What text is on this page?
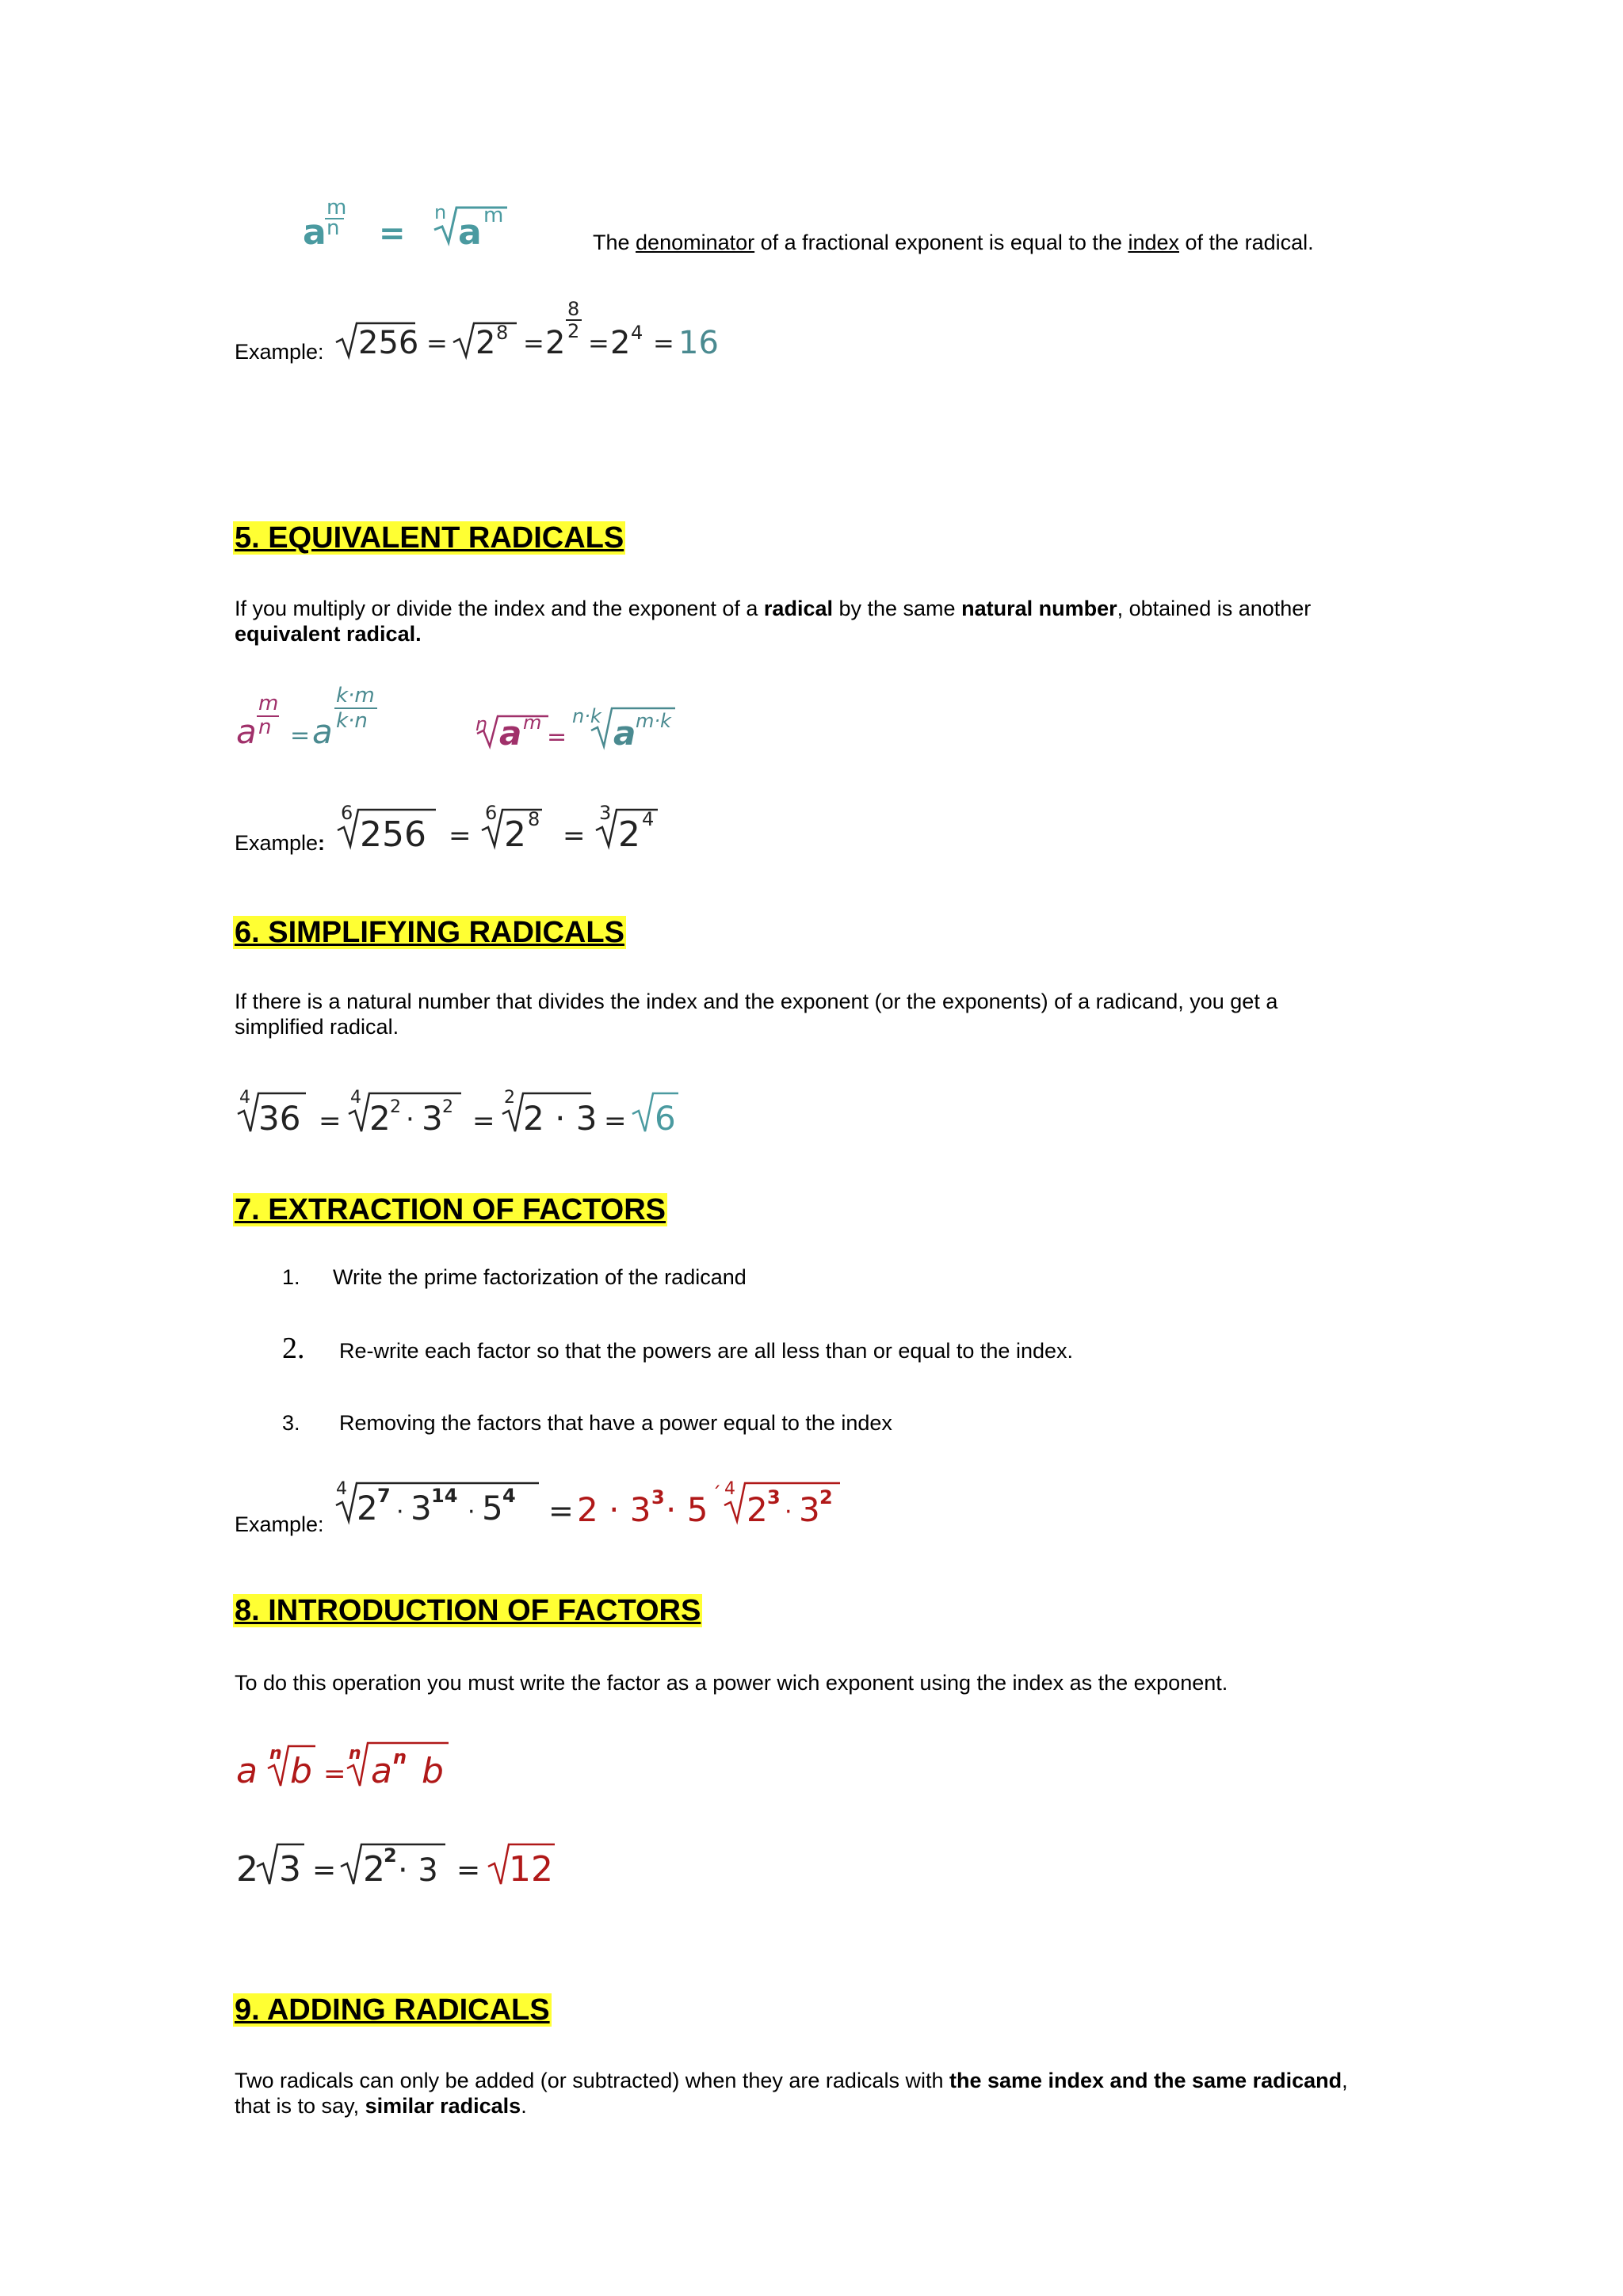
a
m
n =
n a m
The denominator of a fractional exponent is equal to the index of the radical.
Example: 256 = 2 8 = 2
8
2 = 2 4 = 16
5. EQUIVALENT RADICALS
If you multiply or divide the index and the exponent of a radical by the same natural number, obtained is another
equivalent radical.
a
m
n = a
k·m
k·n	n a m
=
n·k a m·k
Example:
6
256 =
6
2 8
=
3
2 4
6. SIMPLIFYING RADICALS
If there is a natural number that divides the index and the exponent (or the exponents) of a radicand, you get a
simplified radical.
4
36 =
4
2 2 · 3 2 =
2
2 · 3 = 6
7. EXTRACTION OF FACTORS
1. Write the prime factorization of the radicand
2. Re-write each factor so that the powers are all less than or equal to the index.
3. Removing the factors that have a power equal to the index
Example:
4 2 7
· 3 14
· 5 4 = 2 · 3 3 · 5 ´ 4
2 3
· 3 2
8. INTRODUCTION OF FACTORS
To do this operation you must write the factor as a power wich exponent using the index as the exponent.
a n b =
n a n b
2 3 = 2
2 · 3 = 12
9. ADDING RADICALS
Two radicals can only be added (or subtracted) when they are radicals with the same index and the same radicand,
that is to say, similar radicals.
